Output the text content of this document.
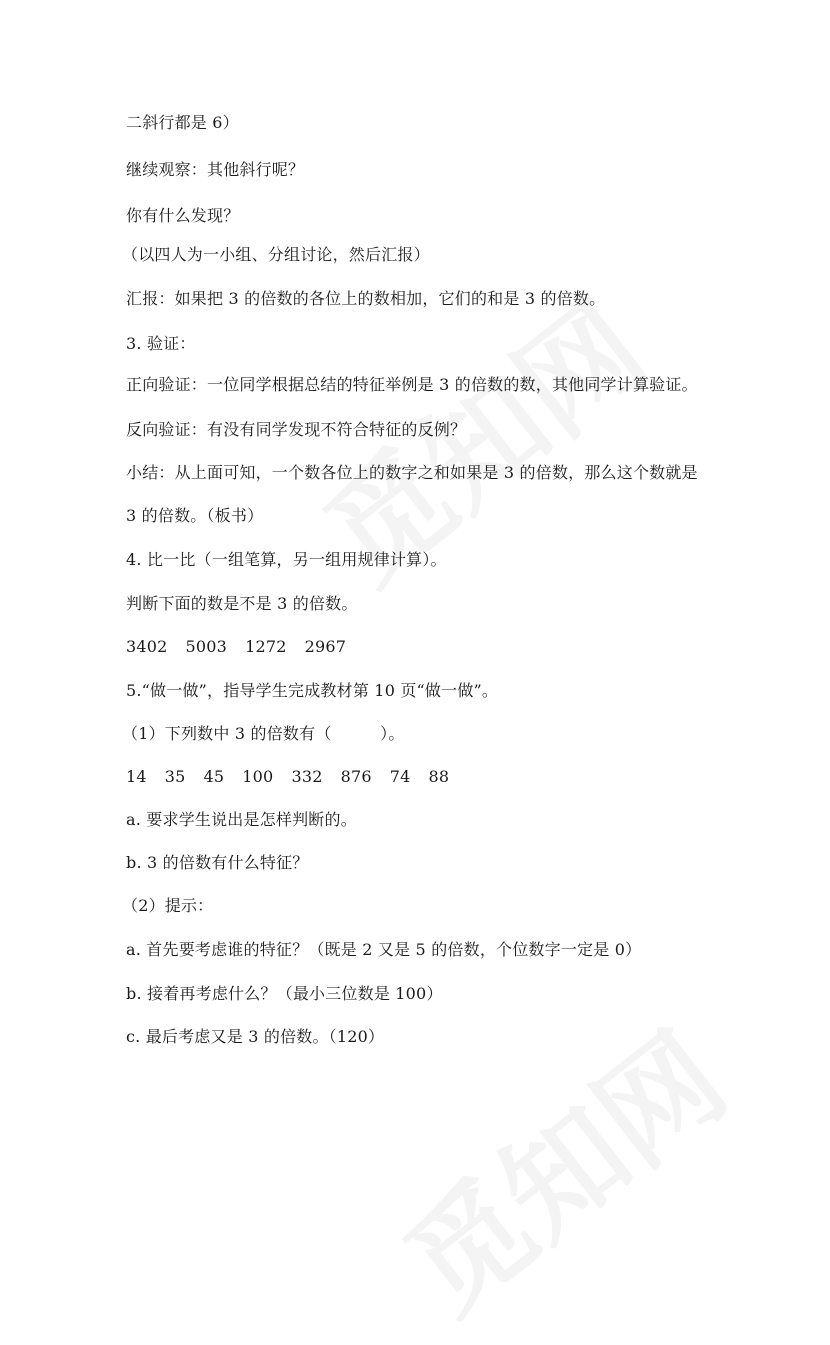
二斜行都是 6）
继续观察：其他斜行呢？
你有什么发现？
（以四人为一小组、分组讨论，然后汇报）
汇报：如果把 3 的倍数的各位上的数相加，它们的和是 3 的倍数。
3. 验证：
正向验证：一位同学根据总结的特征举例是 3 的倍数的数，其他同学计算验证。
反向验证：有没有同学发现不符合特征的反例？
小结：从上面可知，一个数各位上的数字之和如果是 3 的倍数，那么这个数就是
3 的倍数。（板书）
4. 比一比（一组笔算，另一组用规律计算）。
判断下面的数是不是 3 的倍数。
3402 5003 1272 2967
5.“做一做”，指导学生完成教材第 10 页“做一做”。
（1）下列数中 3 的倍数有（　　　）。
14 35 45 100 332 876 74 88
a. 要求学生说出是怎样判断的。
b. 3 的倍数有什么特征？
（2）提示：
a. 首先要考虑谁的特征？（既是 2 又是 5 的倍数，个位数字一定是 0）
b. 接着再考虑什么？（最小三位数是 100）
c. 最后考虑又是 3 的倍数。（120）
